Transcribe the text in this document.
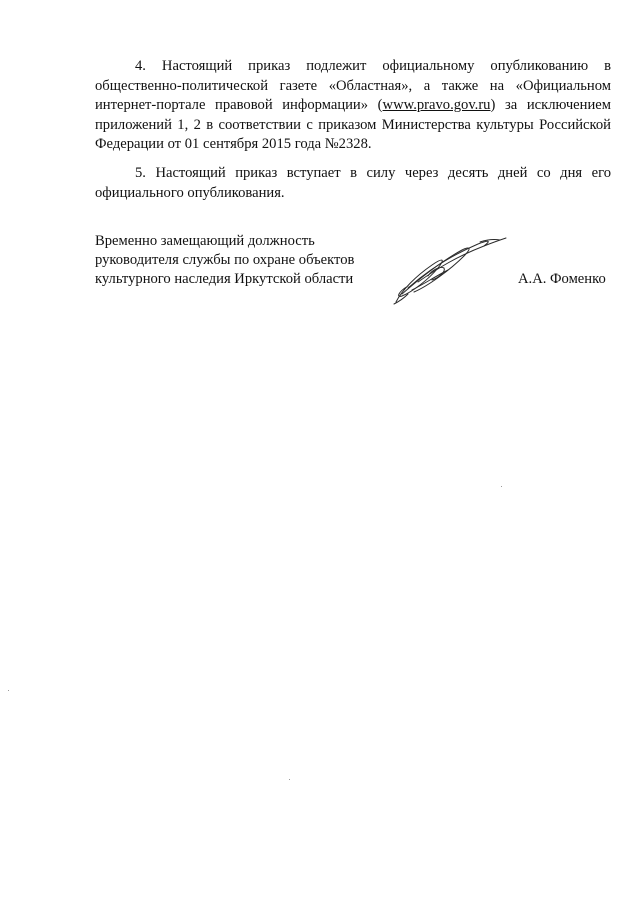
4. Настоящий приказ подлежит официальному опубликованию в общественно-политической газете «Областная», а также на «Официальном интернет-портале правовой информации» (www.pravo.gov.ru) за исключением приложений 1, 2 в соответствии с приказом Министерства культуры Российской Федерации от 01 сентября 2015 года №2328.

5. Настоящий приказ вступает в силу через десять дней со дня его официального опубликования.

Временно замещающий должность
руководителя службы по охране объектов
культурного наследия Иркутской области	А.А. Фоменко
